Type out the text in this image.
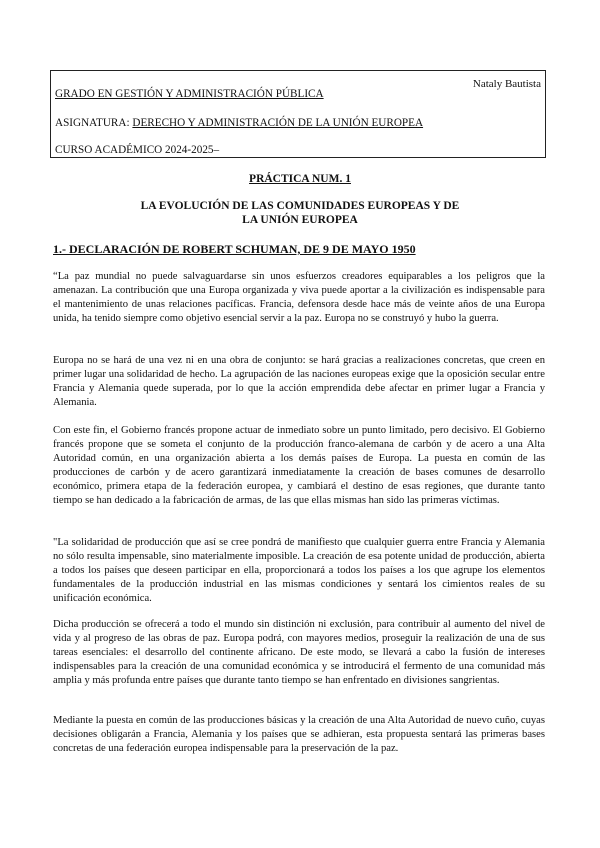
Nataly Bautista
GRADO EN GESTIÓN Y ADMINISTRACIÓN PÚBLICA
ASIGNATURA: DERECHO Y ADMINISTRACIÓN DE LA UNIÓN EUROPEA
CURSO ACADÉMICO 2024-2025–
PRÁCTICA NUM. 1
LA EVOLUCIÓN DE LAS COMUNIDADES EUROPEAS Y DE
LA UNIÓN EUROPEA
1.- DECLARACIÓN DE ROBERT SCHUMAN, DE 9 DE MAYO 1950

“La paz mundial no puede salvaguardarse sin unos esfuerzos creadores equiparables a los peligros que la amenazan. La contribución que una Europa organizada y viva puede aportar a la civilización es indispensable para el mantenimiento de unas relaciones pacíficas. Francia, defensora desde hace más de veinte años de una Europa unida, ha tenido siempre como objetivo esencial servir a la paz. Europa no se construyó y hubo la guerra.

Europa no se hará de una vez ni en una obra de conjunto: se hará gracias a realizaciones concretas, que creen en primer lugar una solidaridad de hecho. La agrupación de las naciones europeas exige que la oposición secular entre Francia y Alemania quede superada, por lo que la acción emprendida debe afectar en primer lugar a Francia y Alemania.

Con este fin, el Gobierno francés propone actuar de inmediato sobre un punto limitado, pero decisivo. El Gobierno francés propone que se someta el conjunto de la producción franco-alemana de carbón y de acero a una Alta Autoridad común, en una organización abierta a los demás países de Europa. La puesta en común de las producciones de carbón y de acero garantizará inmediatamente la creación de bases comunes de desarrollo económico, primera etapa de la federación europea, y cambiará el destino de esas regiones, que durante tanto tiempo se han dedicado a la fabricación de armas, de las que ellas mismas han sido las primeras víctimas.

"La solidaridad de producción que así se cree pondrá de manifiesto que cualquier guerra entre Francia y Alemania no sólo resulta impensable, sino materialmente imposible. La creación de esa potente unidad de producción, abierta a todos los países que deseen participar en ella, proporcionará a todos los países a los que agrupe los elementos fundamentales de la producción industrial en las mismas condiciones y sentará los cimientos reales de su unificación económica.

Dicha producción se ofrecerá a todo el mundo sin distinción ni exclusión, para contribuir al aumento del nivel de vida y al progreso de las obras de paz. Europa podrá, con mayores medios, proseguir la realización de una de sus tareas esenciales: el desarrollo del continente africano. De este modo, se llevará a cabo la fusión de intereses indispensables para la creación de una comunidad económica y se introducirá el fermento de una comunidad más amplia y más profunda entre países que durante tanto tiempo se han enfrentado en divisiones sangrientas.

Mediante la puesta en común de las producciones básicas y la creación de una Alta Autoridad de nuevo cuño, cuyas decisiones obligarán a Francia, Alemania y los países que se adhieran, esta propuesta sentará las primeras bases concretas de una federación europea indispensable para la preservación de la paz.
